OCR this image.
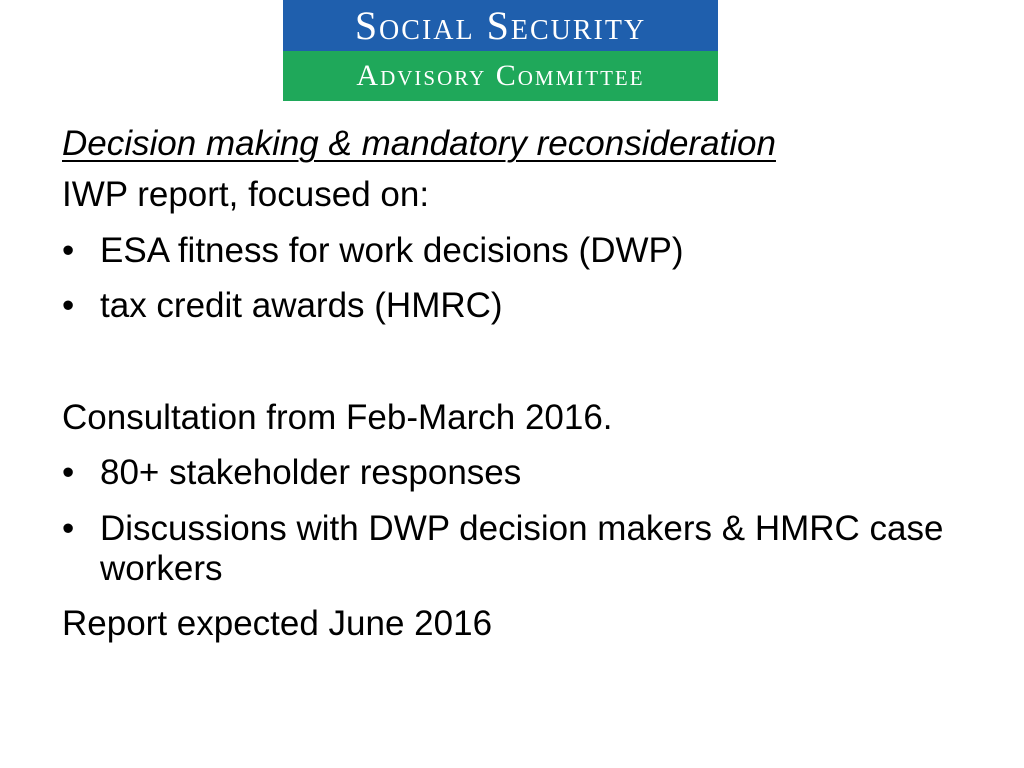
Social Security
Advisory Committee
Decision making & mandatory reconsideration
IWP report, focused on:
• ESA fitness for work decisions (DWP)
• tax credit awards (HMRC)
Consultation from Feb-March 2016.
• 80+ stakeholder responses
• Discussions with DWP decision makers & HMRC case workers
Report expected June 2016
